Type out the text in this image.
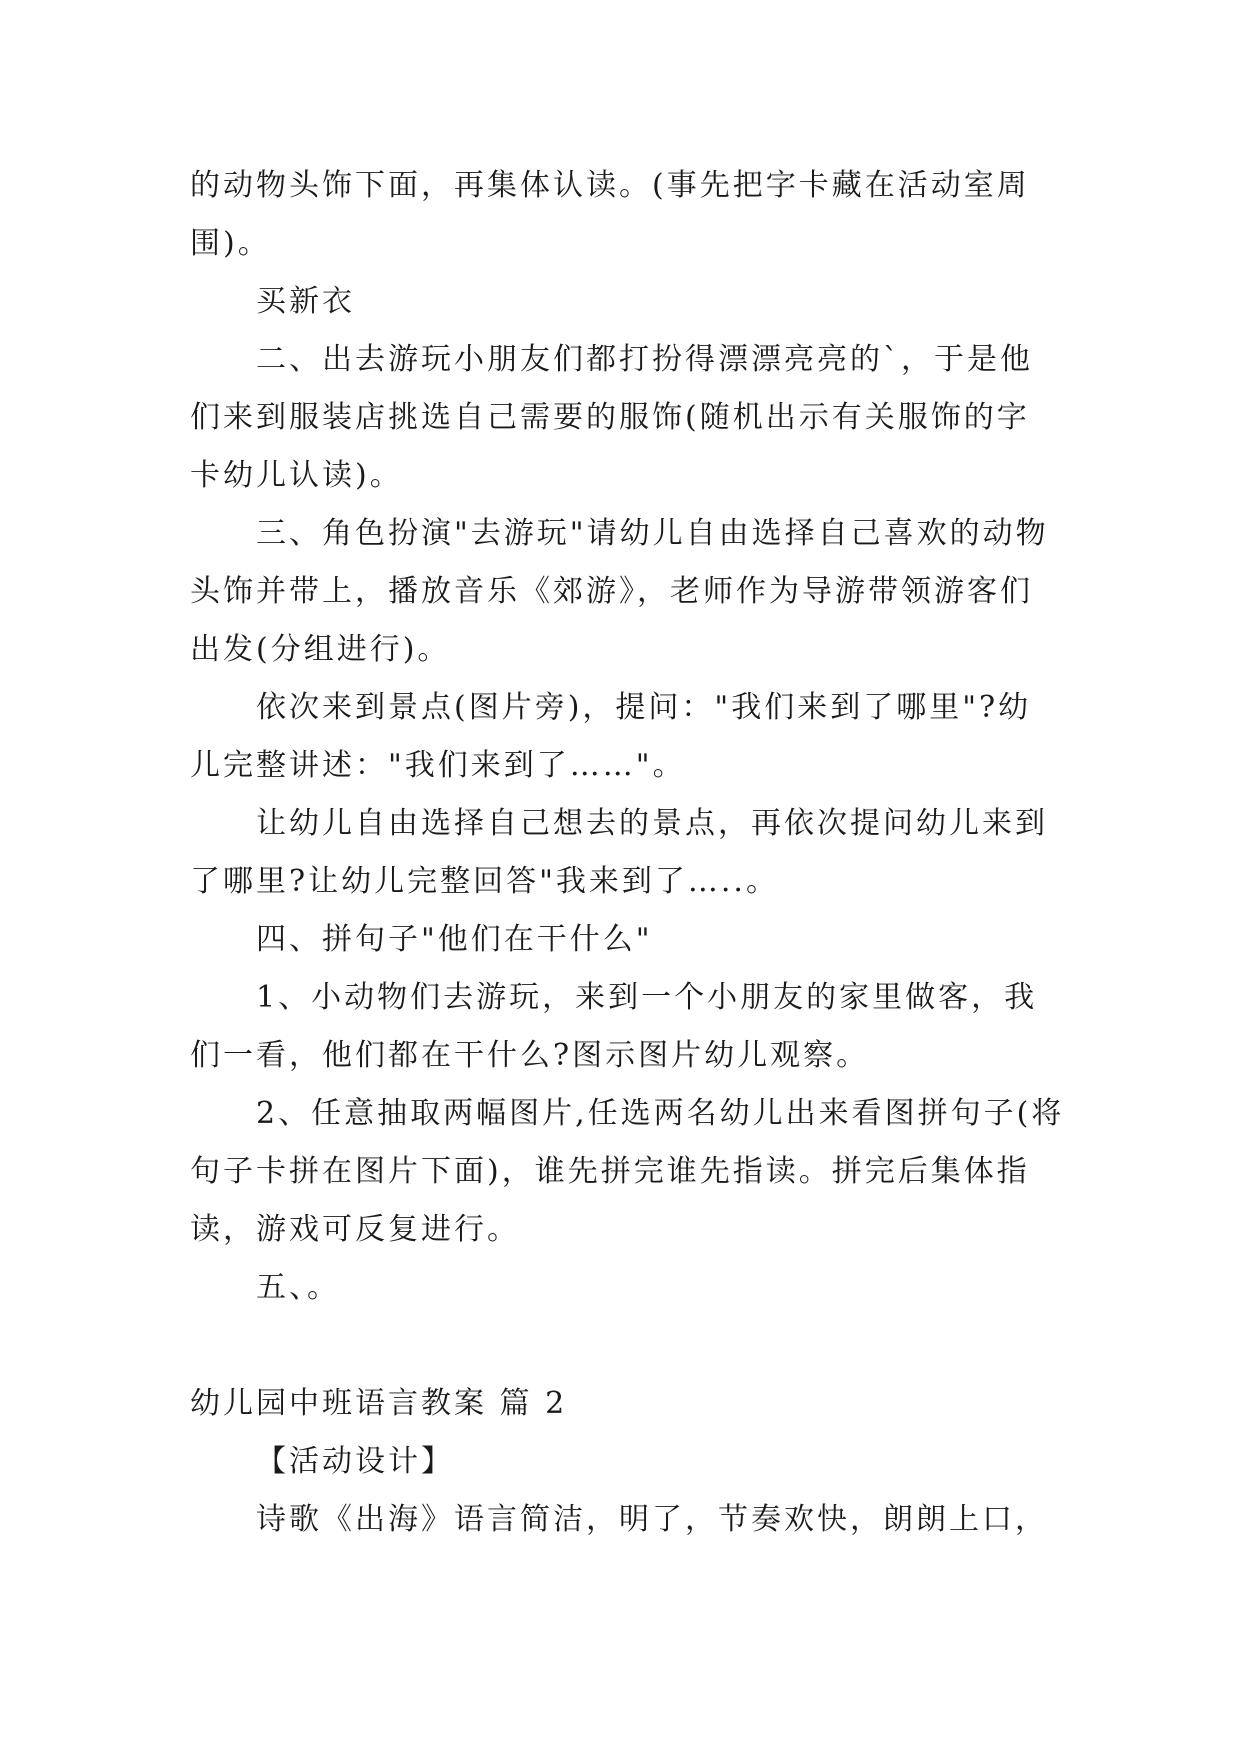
的动物头饰下面，再集体认读。(事先把字卡藏在活动室周
围)。
买新衣
二、出去游玩小朋友们都打扮得漂漂亮亮的`，于是他
们来到服装店挑选自己需要的服饰(随机出示有关服饰的字
卡幼儿认读)。
三、角色扮演"去游玩"请幼儿自由选择自己喜欢的动物
头饰并带上，播放音乐《郊游》，老师作为导游带领游客们
出发(分组进行)。
依次来到景点(图片旁)，提问："我们来到了哪里"?幼
儿完整讲述："我们来到了……"。
让幼儿自由选择自己想去的景点，再依次提问幼儿来到
了哪里?让幼儿完整回答"我来到了…..。
四、拼句子"他们在干什么"
1、小动物们去游玩，来到一个小朋友的家里做客，我
们一看，他们都在干什么?图示图片幼儿观察。
2、任意抽取两幅图片,任选两名幼儿出来看图拼句子(将
句子卡拼在图片下面)，谁先拼完谁先指读。拼完后集体指
读，游戏可反复进行。
五、。
幼儿园中班语言教案 篇 2
【活动设计】
诗歌《出海》语言简洁，明了，节奏欢快，朗朗上口，
